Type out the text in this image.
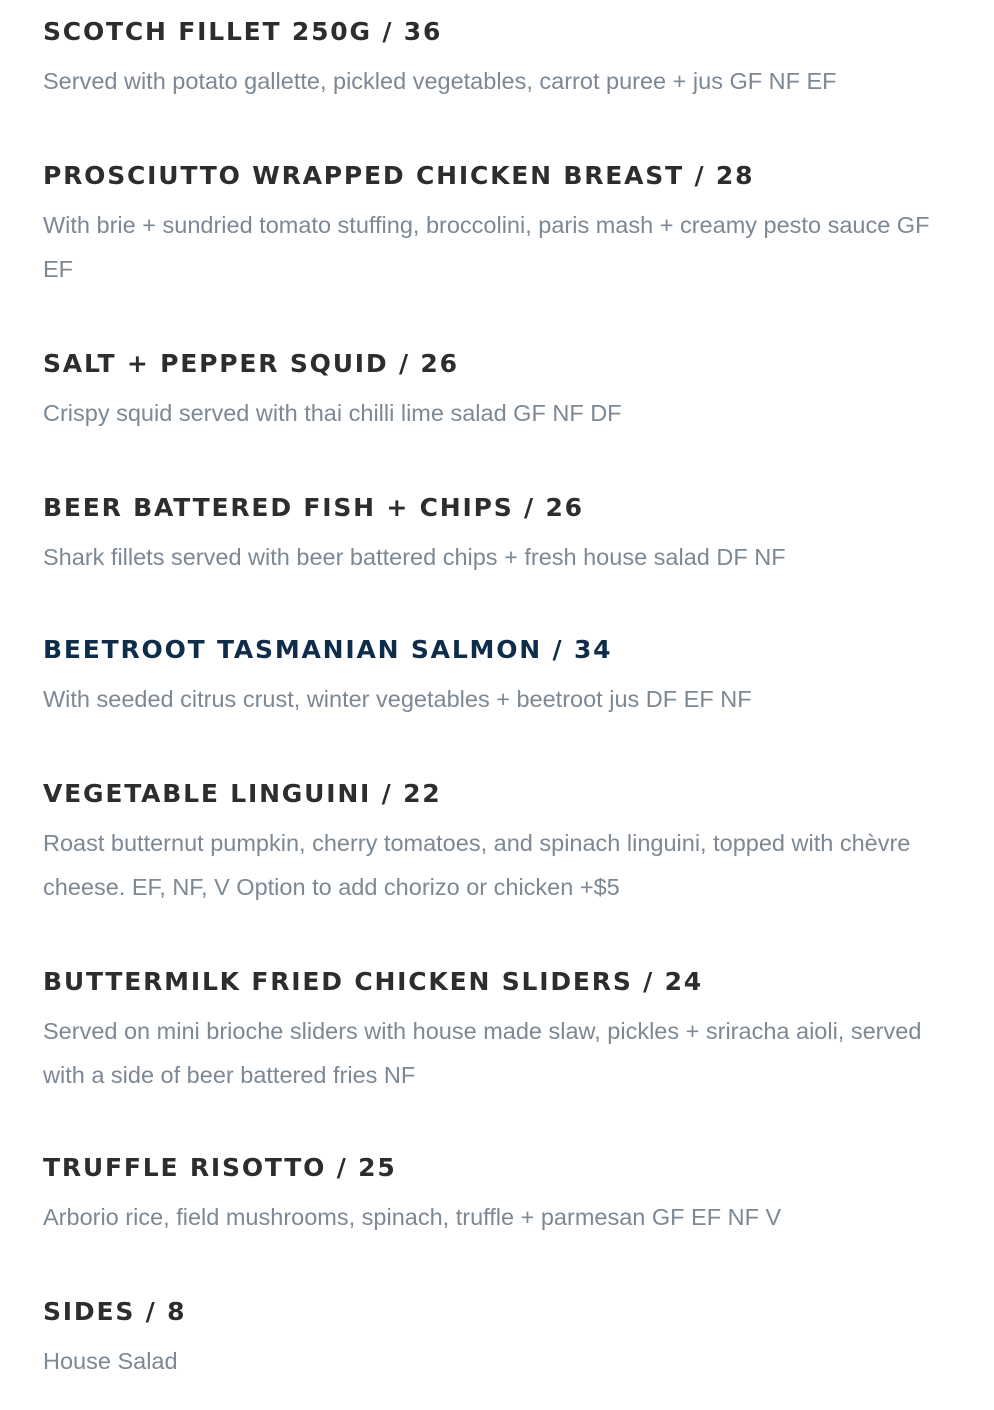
SCOTCH FILLET 250G / 36

Served with potato gallette, pickled vegetables, carrot puree + jus GF NF EF

PROSCIUTTO WRAPPED CHICKEN BREAST / 28

With brie + sundried tomato stuffing, broccolini, paris mash + creamy pesto sauce GF EF

SALT + PEPPER SQUID / 26

Crispy squid served with thai chilli lime salad GF NF DF

BEER BATTERED FISH + CHIPS / 26

Shark fillets served with beer battered chips + fresh house salad DF NF

BEETROOT TASMANIAN SALMON / 34

With seeded citrus crust, winter vegetables + beetroot jus DF EF NF

VEGETABLE LINGUINI / 22

Roast butternut pumpkin, cherry tomatoes, and spinach linguini, topped with chèvre cheese. EF, NF, V Option to add chorizo or chicken +$5

BUTTERMILK FRIED CHICKEN SLIDERS / 24

Served on mini brioche sliders with house made slaw, pickles + sriracha aioli, served with a side of beer battered fries NF

TRUFFLE RISOTTO / 25

Arborio rice, field mushrooms, spinach, truffle + parmesan GF EF NF V

SIDES / 8

House Salad
